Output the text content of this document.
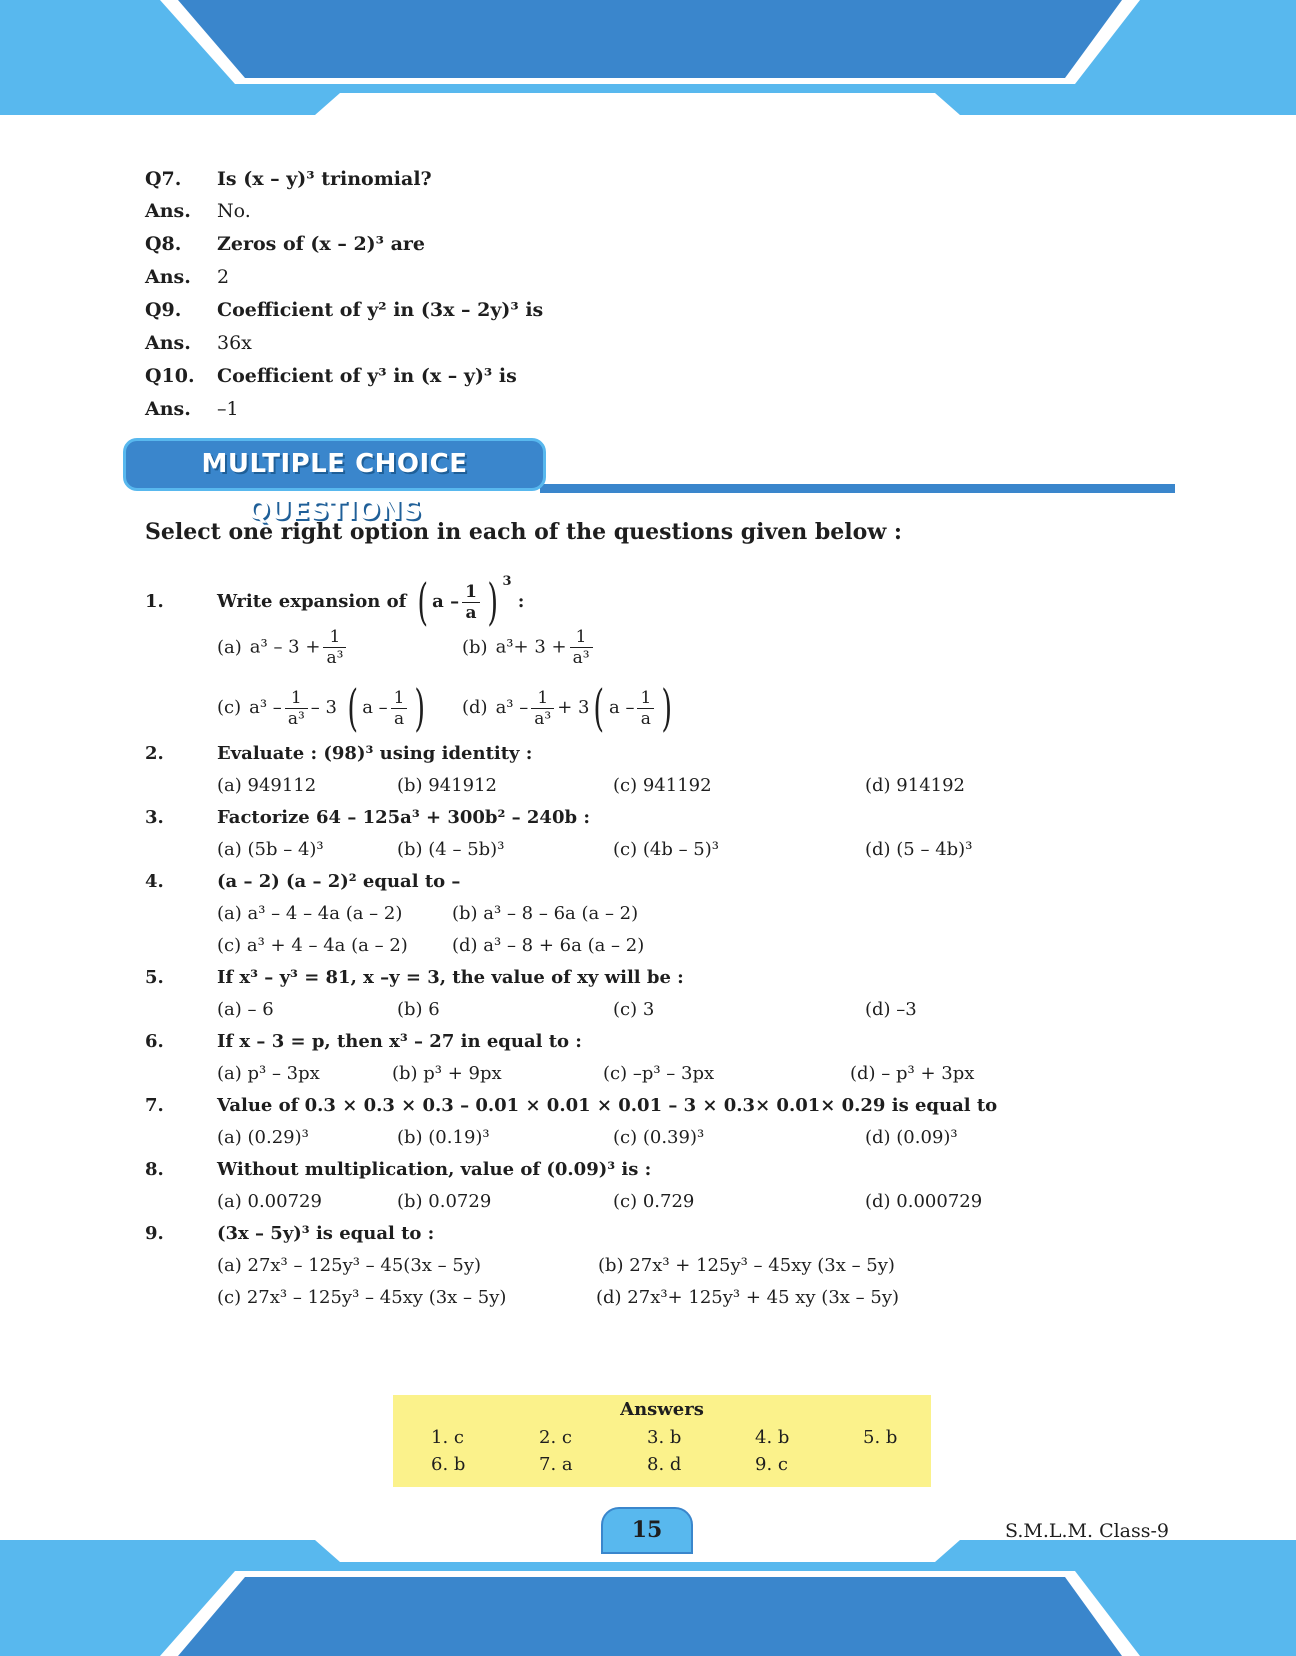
Q7. Is (x – y)³ trinomial?
Ans. No.
Q8. Zeros of (x – 2)³ are
Ans. 2
Q9. Coefficient of y² in (3x – 2y)³ is
Ans. 36x
Q10. Coefficient of y³ in (x – y)³ is
Ans. –1
MULTIPLE CHOICE QUESTIONS
Select one right option in each of the questions given below :
1.	Write expansion of ( a – $\frac{1}{a}$ ) $^3$ :
(a) $a^3 - 3 + \frac{1}{\text{a³}}$	(b) $a^3+ 3 + \frac{1}{\text{a³}}$
(c) $a^3 - \frac{1}{\text{a³}} - 3$ ( a – $\frac{1}{a}$ ) (d) $a^3 - \frac{1}{\text{a³}} + 3$( a – $\frac{1}{a}$ )
2.	Evaluate : (98)³ using identity :
(a) 949112	(b) 941912	(c) 941192	(d) 914192
3.	Factorize 64 – 125a³ + 300b² – 240b :
(a) (5b – 4)³	(b) (4 – 5b)³	(c) (4b – 5)³	(d) (5 – 4b)³
4.	(a – 2) (a – 2)² equal to –
(a) a³ – 4 – 4a (a – 2)	(b) a³ – 8 – 6a (a – 2)
(c) a³ + 4 – 4a (a – 2) (d) a³ – 8 + 6a (a – 2)
5.	If x³ – y³ = 81, x –y = 3, the value of xy will be :
(a) – 6	(b) 6	(c) 3	(d) –3
6.	If x – 3 = p, then x³ – 27 in equal to :
(a) p³ – 3px	(b) p³ + 9px	(c) –p³ – 3px	(d) – p³ + 3px
7.	Value of 0.3 × 0.3 × 0.3 – 0.01 × 0.01 × 0.01 – 3 × 0.3× 0.01× 0.29 is equal to
(a) (0.29)³	(b) (0.19)³	(c) (0.39)³	(d) (0.09)³
8.	Without multiplication, value of (0.09)³ is :
(a) 0.00729	(b) 0.0729	(c) 0.729	(d) 0.000729
9.	(3x – 5y)³ is equal to :
(a) 27x³ – 125y³ – 45(3x – 5y)	(b) 27x³ + 125y³ – 45xy (3x – 5y)
(c) 27x³ – 125y³ – 45xy (3x – 5y)	(d) 27x³+ 125y³ + 45 xy (3x – 5y)
Answers
1. c	2. c	3. b	4. b	5. b
6. b	7. a	8. d	9. c
15	S.M.L.M. Class-9
